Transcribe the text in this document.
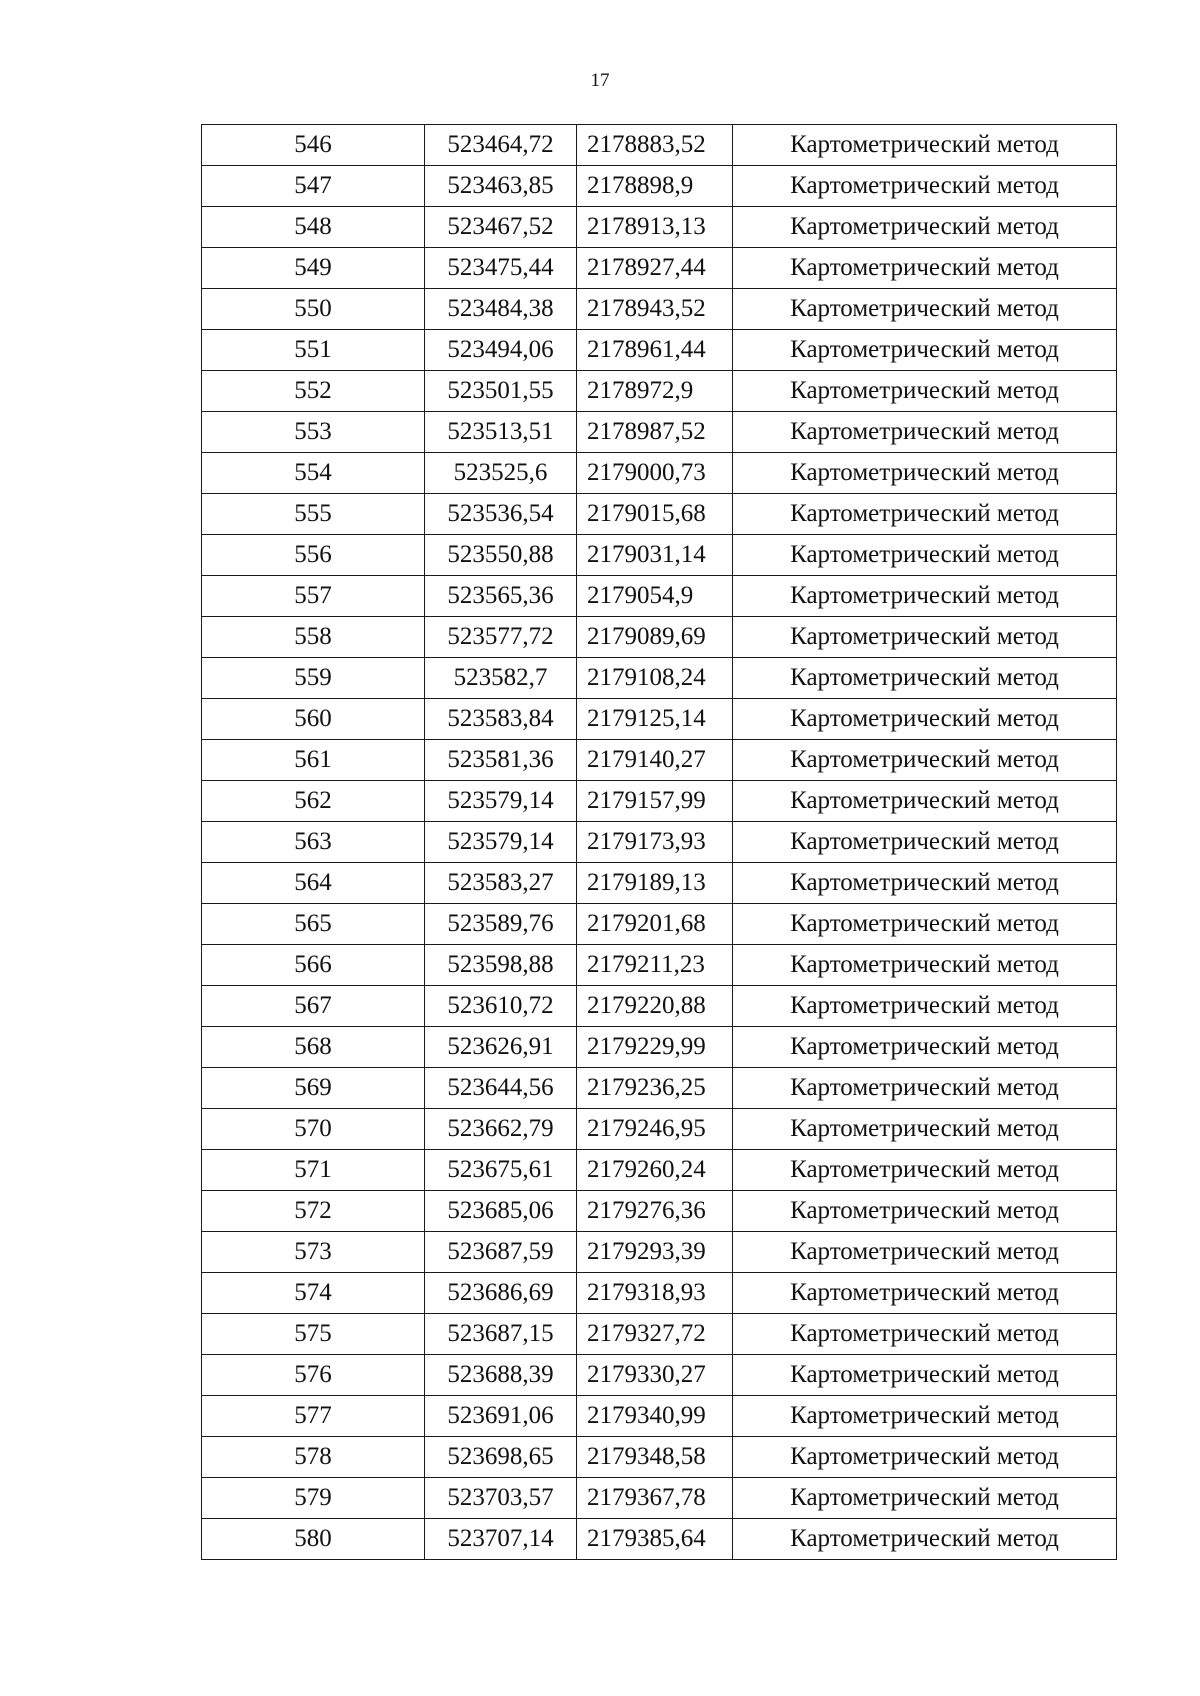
17
546	523464,72	2178883,52	Картометрический метод
547	523463,85	2178898,9	Картометрический метод
548	523467,52	2178913,13	Картометрический метод
549	523475,44	2178927,44	Картометрический метод
550	523484,38	2178943,52	Картометрический метод
551	523494,06	2178961,44	Картометрический метод
552	523501,55	2178972,9	Картометрический метод
553	523513,51	2178987,52	Картометрический метод
554	523525,6	2179000,73	Картометрический метод
555	523536,54	2179015,68	Картометрический метод
556	523550,88	2179031,14	Картометрический метод
557	523565,36	2179054,9	Картометрический метод
558	523577,72	2179089,69	Картометрический метод
559	523582,7	2179108,24	Картометрический метод
560	523583,84	2179125,14	Картометрический метод
561	523581,36	2179140,27	Картометрический метод
562	523579,14	2179157,99	Картометрический метод
563	523579,14	2179173,93	Картометрический метод
564	523583,27	2179189,13	Картометрический метод
565	523589,76	2179201,68	Картометрический метод
566	523598,88	2179211,23	Картометрический метод
567	523610,72	2179220,88	Картометрический метод
568	523626,91	2179229,99	Картометрический метод
569	523644,56	2179236,25	Картометрический метод
570	523662,79	2179246,95	Картометрический метод
571	523675,61	2179260,24	Картометрический метод
572	523685,06	2179276,36	Картометрический метод
573	523687,59	2179293,39	Картометрический метод
574	523686,69	2179318,93	Картометрический метод
575	523687,15	2179327,72	Картометрический метод
576	523688,39	2179330,27	Картометрический метод
577	523691,06	2179340,99	Картометрический метод
578	523698,65	2179348,58	Картометрический метод
579	523703,57	2179367,78	Картометрический метод
580	523707,14	2179385,64	Картометрический метод
